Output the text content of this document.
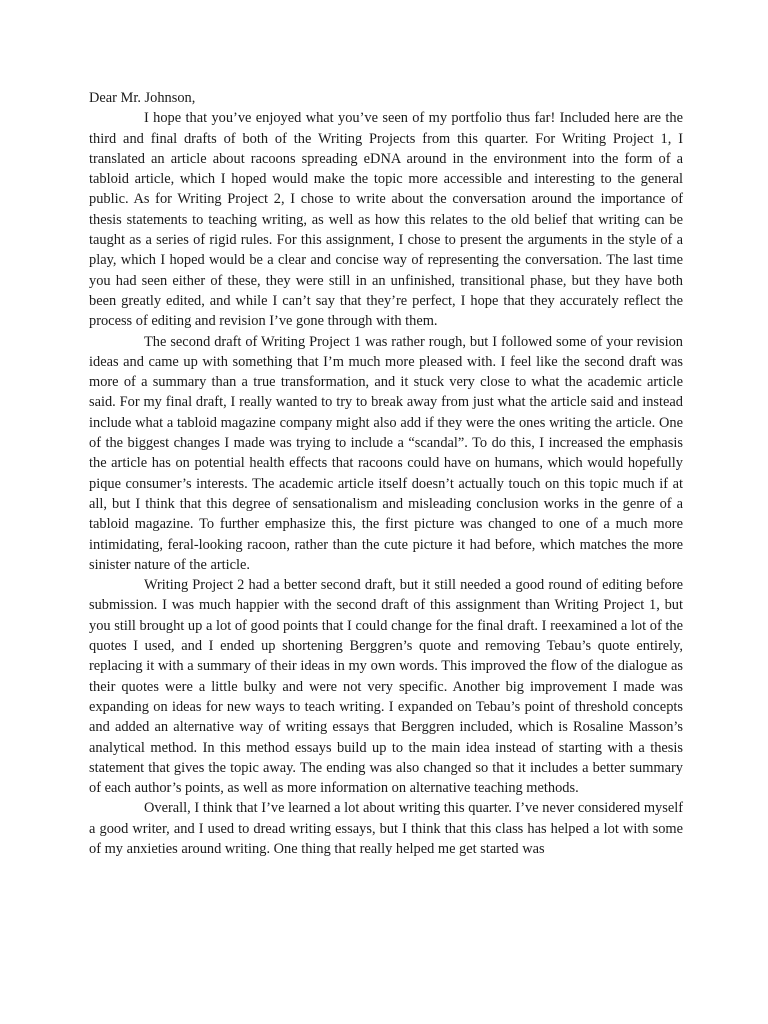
Dear Mr. Johnson,

I hope that you’ve enjoyed what you’ve seen of my portfolio thus far! Included here are the third and final drafts of both of the Writing Projects from this quarter. For Writing Project 1, I translated an article about racoons spreading eDNA around in the environment into the form of a tabloid article, which I hoped would make the topic more accessible and interesting to the general public. As for Writing Project 2, I chose to write about the conversation around the importance of thesis statements to teaching writing, as well as how this relates to the old belief that writing can be taught as a series of rigid rules. For this assignment, I chose to present the arguments in the style of a play, which I hoped would be a clear and concise way of representing the conversation. The last time you had seen either of these, they were still in an unfinished, transitional phase, but they have both been greatly edited, and while I can’t say that they’re perfect, I hope that they accurately reflect the process of editing and revision I’ve gone through with them.

The second draft of Writing Project 1 was rather rough, but I followed some of your revision ideas and came up with something that I’m much more pleased with. I feel like the second draft was more of a summary than a true transformation, and it stuck very close to what the academic article said. For my final draft, I really wanted to try to break away from just what the article said and instead include what a tabloid magazine company might also add if they were the ones writing the article. One of the biggest changes I made was trying to include a “scandal”. To do this, I increased the emphasis the article has on potential health effects that racoons could have on humans, which would hopefully pique consumer’s interests. The academic article itself doesn’t actually touch on this topic much if at all, but I think that this degree of sensationalism and misleading conclusion works in the genre of a tabloid magazine. To further emphasize this, the first picture was changed to one of a much more intimidating, feral-looking racoon, rather than the cute picture it had before, which matches the more sinister nature of the article.

Writing Project 2 had a better second draft, but it still needed a good round of editing before submission. I was much happier with the second draft of this assignment than Writing Project 1, but you still brought up a lot of good points that I could change for the final draft. I reexamined a lot of the quotes I used, and I ended up shortening Berggren’s quote and removing Tebau’s quote entirely, replacing it with a summary of their ideas in my own words. This improved the flow of the dialogue as their quotes were a little bulky and were not very specific. Another big improvement I made was expanding on ideas for new ways to teach writing. I expanded on Tebau’s point of threshold concepts and added an alternative way of writing essays that Berggren included, which is Rosaline Masson’s analytical method. In this method essays build up to the main idea instead of starting with a thesis statement that gives the topic away. The ending was also changed so that it includes a better summary of each author’s points, as well as more information on alternative teaching methods.

Overall, I think that I’ve learned a lot about writing this quarter. I’ve never considered myself a good writer, and I used to dread writing essays, but I think that this class has helped a lot with some of my anxieties around writing. One thing that really helped me get started was
